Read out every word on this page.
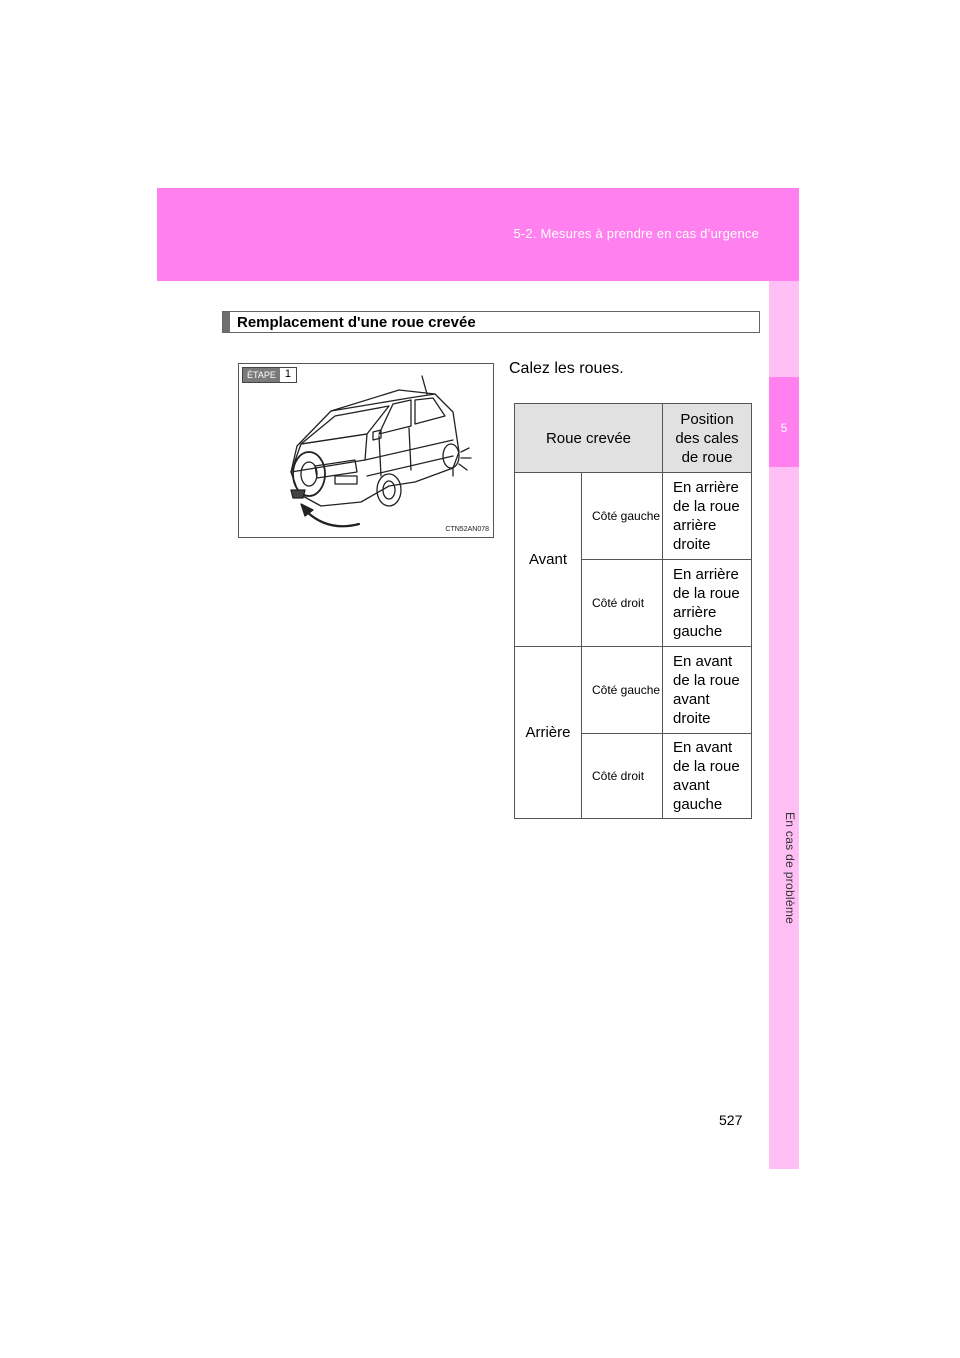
5-2. Mesures à prendre en cas d’urgence
5
En cas de problème
Remplacement d'une roue crevée
ÉTAPE 1
CTN52AN078
Calez les roues.
Roue crevée		Position des cales de roue
Avant	Côté gauche	En arrière de la roue arrière droite
	Côté droit	En arrière de la roue arrière gauche
Arrière	Côté gauche	En avant de la roue avant droite
	Côté droit	En avant de la roue avant gauche
527
